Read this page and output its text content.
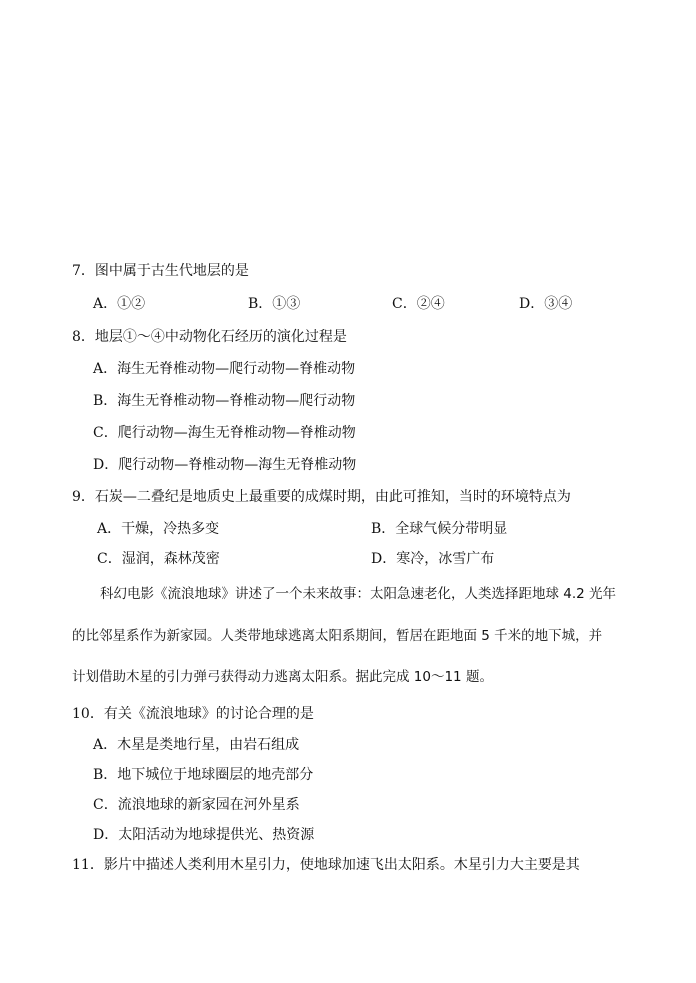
7．图中属于古生代地层的是
A．①②	B．①③	C．②④	D．③④
8．地层①～④中动物化石经历的演化过程是
A．海生无脊椎动物—爬行动物—脊椎动物
B．海生无脊椎动物—脊椎动物—爬行动物
C．爬行动物—海生无脊椎动物—脊椎动物
D．爬行动物—脊椎动物—海生无脊椎动物
9．石炭—二叠纪是地质史上最重要的成煤时期，由此可推知，当时的环境特点为
A．干燥，冷热多变	B．全球气候分带明显
C．湿润，森林茂密	D．寒冷，冰雪广布
科幻电影《流浪地球》讲述了一个未来故事：太阳急速老化，人类选择距地球 4.2 光年
的比邻星系作为新家园。人类带地球逃离太阳系期间，暂居在距地面 5 千米的地下城，并
计划借助木星的引力弹弓获得动力逃离太阳系。据此完成 10～11 题。
10．有关《流浪地球》的讨论合理的是
A．木星是类地行星，由岩石组成
B．地下城位于地球圈层的地壳部分
C．流浪地球的新家园在河外星系
D．太阳活动为地球提供光、热资源
11．影片中描述人类利用木星引力，使地球加速飞出太阳系。木星引力大主要是其
